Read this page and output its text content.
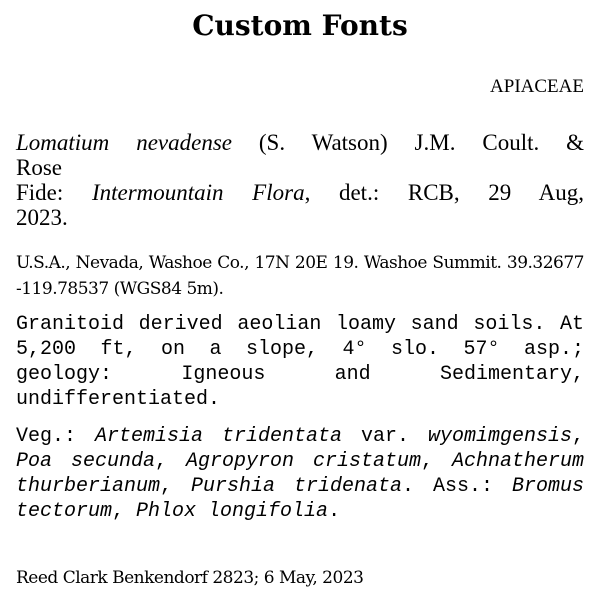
Custom Fonts
APIACEAE
Lomatium nevadense (S. Watson) J.M. Coult. &
Rose
Fide: Intermountain Flora, det.: RCB, 29 Aug,
2023.
U.S.A., Nevada, Washoe Co., 17N 20E 19. Washoe Summit. 39.32677 -119.78537 (WGS84 5m).
Granitoid derived aeolian loamy sand soils. At 5,200 ft, on a slope, 4° slo. 57° asp.; geology: Igneous and Sedimentary, undifferentiated.
Veg.: Artemisia tridentata var. wyomimgensis, Poa secunda, Agropyron cristatum, Achnatherum thurberianum, Purshia tridenata. Ass.: Bromus tectorum, Phlox longifolia.
Reed Clark Benkendorf 2823; 6 May, 2023
